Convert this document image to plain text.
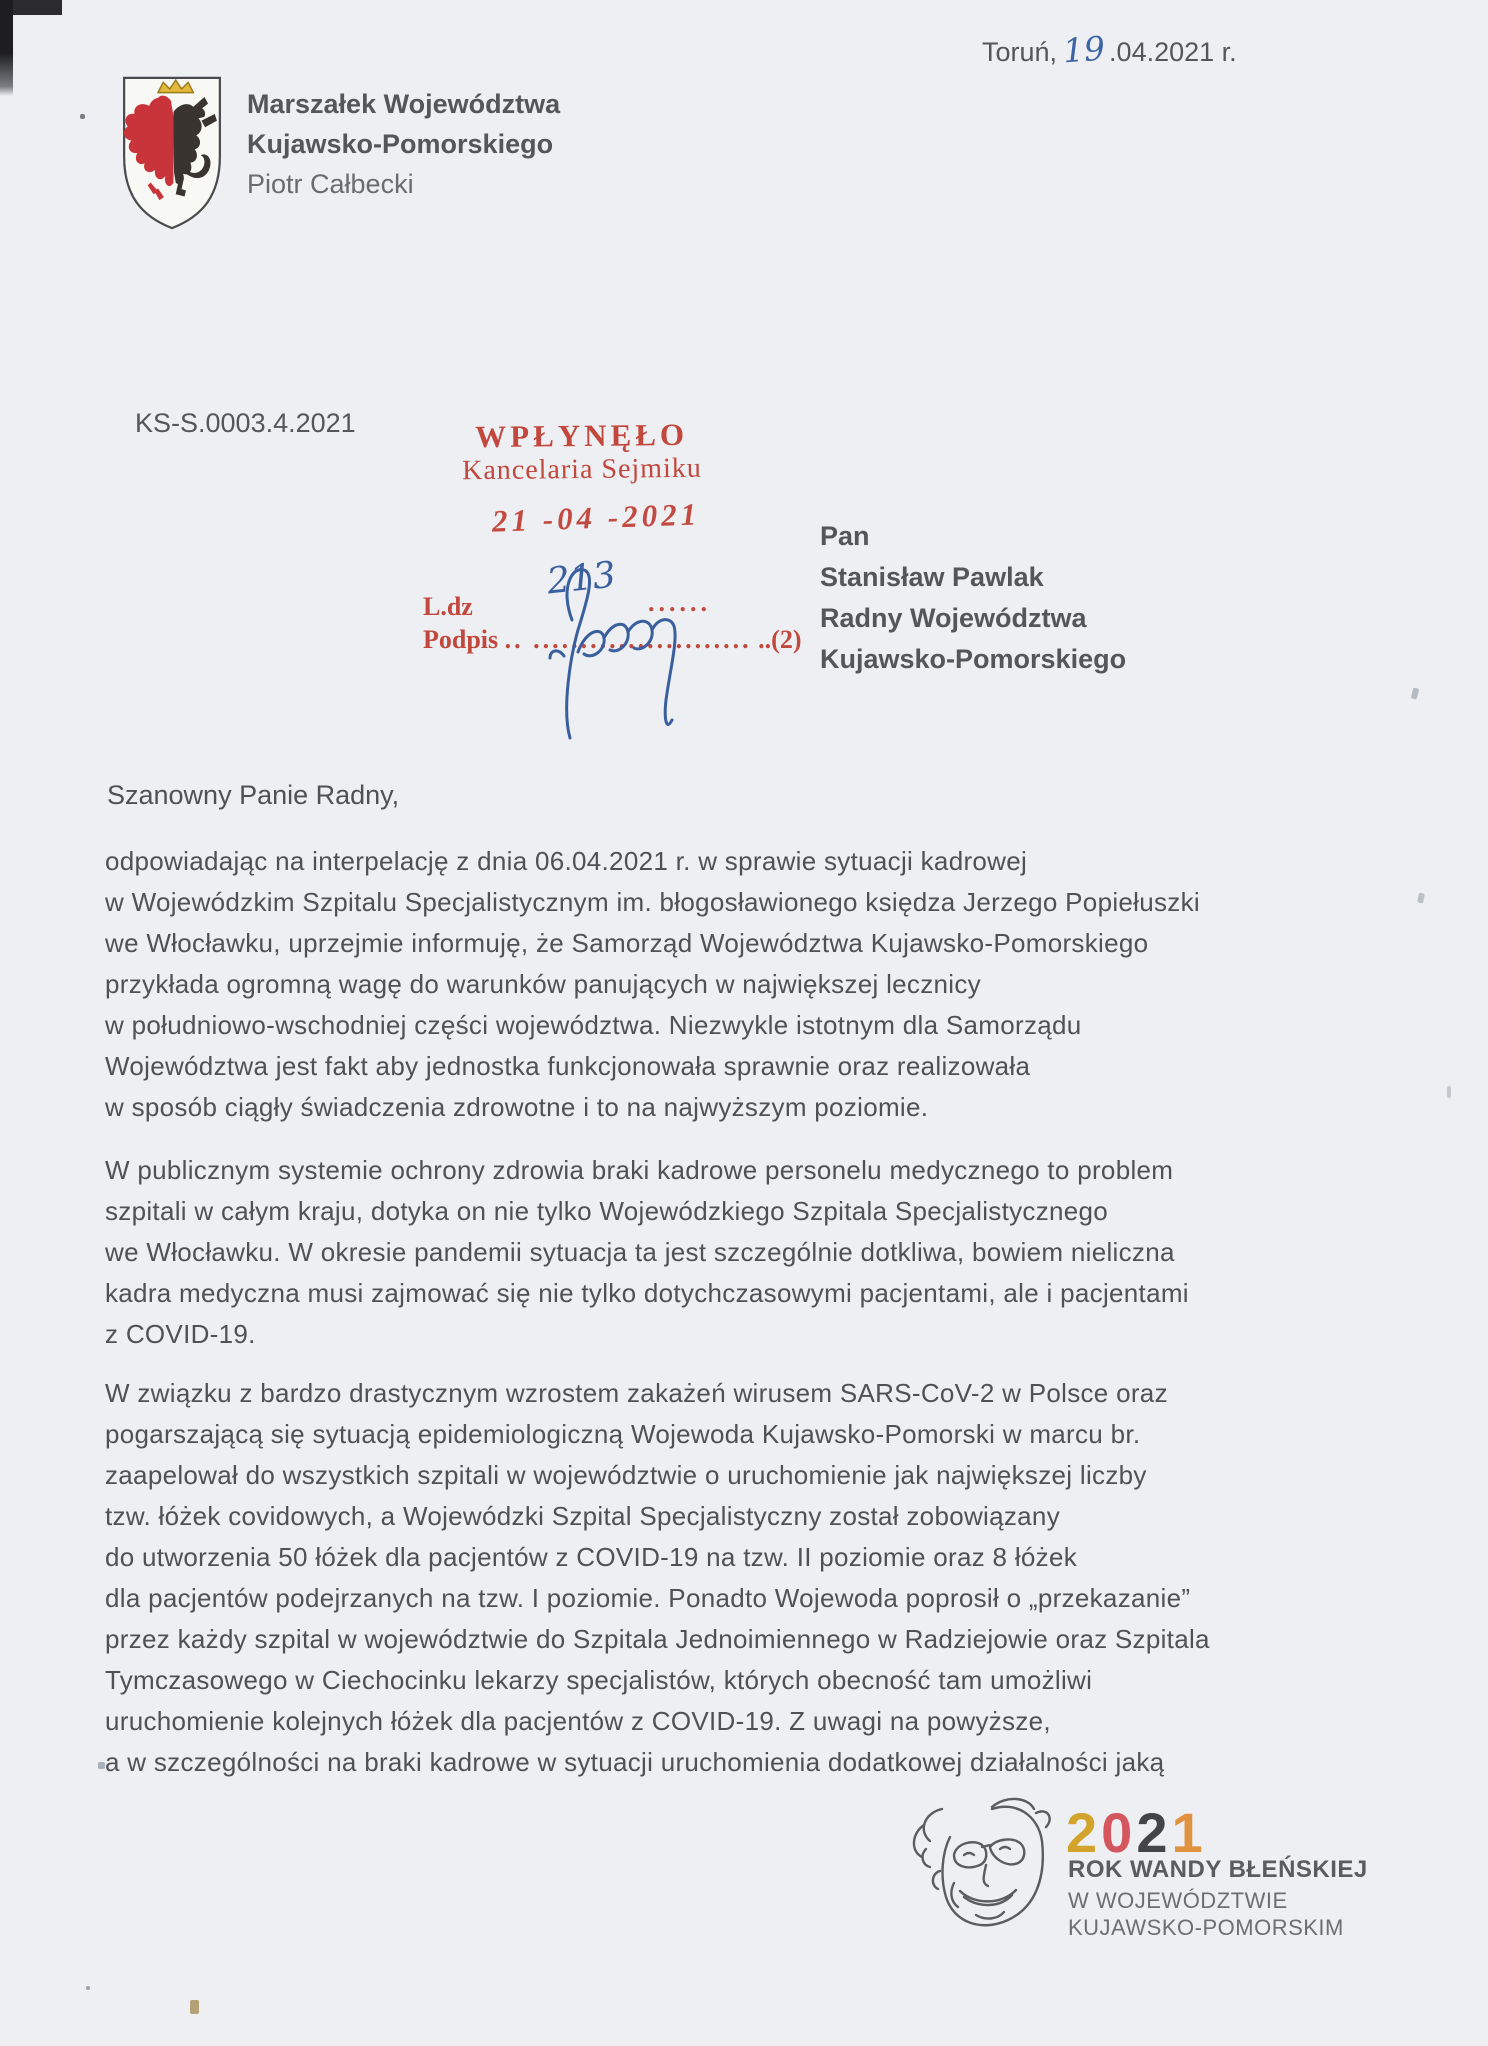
Toruń, 19.04.2021 r.
Marszałek Województwa
Kujawsko-Pomorskiego
Piotr Całbecki
KS-S.0003.4.2021	WPŁYNĘŁO
Kancelaria Sejmiku
21 -04 -2021
L.dz	......
Podpis .. ....................... ..(2)
213
Pan
Stanisław Pawlak
Radny Województwa
Kujawsko-Pomorskiego
Szanowny Panie Radny,
odpowiadając na interpelację z dnia 06.04.2021 r. w sprawie sytuacji kadrowej
w Wojewódzkim Szpitalu Specjalistycznym im. błogosławionego księdza Jerzego Popiełuszki
we Włocławku, uprzejmie informuję, że Samorząd Województwa Kujawsko-Pomorskiego
przykłada ogromną wagę do warunków panujących w największej lecznicy
w południowo-wschodniej części województwa. Niezwykle istotnym dla Samorządu
Województwa jest fakt aby jednostka funkcjonowała sprawnie oraz realizowała
w sposób ciągły świadczenia zdrowotne i to na najwyższym poziomie.
W publicznym systemie ochrony zdrowia braki kadrowe personelu medycznego to problem
szpitali w całym kraju, dotyka on nie tylko Wojewódzkiego Szpitala Specjalistycznego
we Włocławku. W okresie pandemii sytuacja ta jest szczególnie dotkliwa, bowiem nieliczna
kadra medyczna musi zajmować się nie tylko dotychczasowymi pacjentami, ale i pacjentami
z COVID-19.
W związku z bardzo drastycznym wzrostem zakażeń wirusem SARS-CoV-2 w Polsce oraz
pogarszającą się sytuacją epidemiologiczną Wojewoda Kujawsko-Pomorski w marcu br.
zaapelował do wszystkich szpitali w województwie o uruchomienie jak największej liczby
tzw. łóżek covidowych, a Wojewódzki Szpital Specjalistyczny został zobowiązany
do utworzenia 50 łóżek dla pacjentów z COVID-19 na tzw. II poziomie oraz 8 łóżek
dla pacjentów podejrzanych na tzw. I poziomie. Ponadto Wojewoda poprosił o „przekazanie”
przez każdy szpital w województwie do Szpitala Jednoimiennego w Radziejowie oraz Szpitala
Tymczasowego w Ciechocinku lekarzy specjalistów, których obecność tam umożliwi
uruchomienie kolejnych łóżek dla pacjentów z COVID-19. Z uwagi na powyższe,
a w szczególności na braki kadrowe w sytuacji uruchomienia dodatkowej działalności jaką
2021
ROK WANDY BŁEŃSKIEJ
W WOJEWÓDZTWIE
KUJAWSKO-POMORSKIM
